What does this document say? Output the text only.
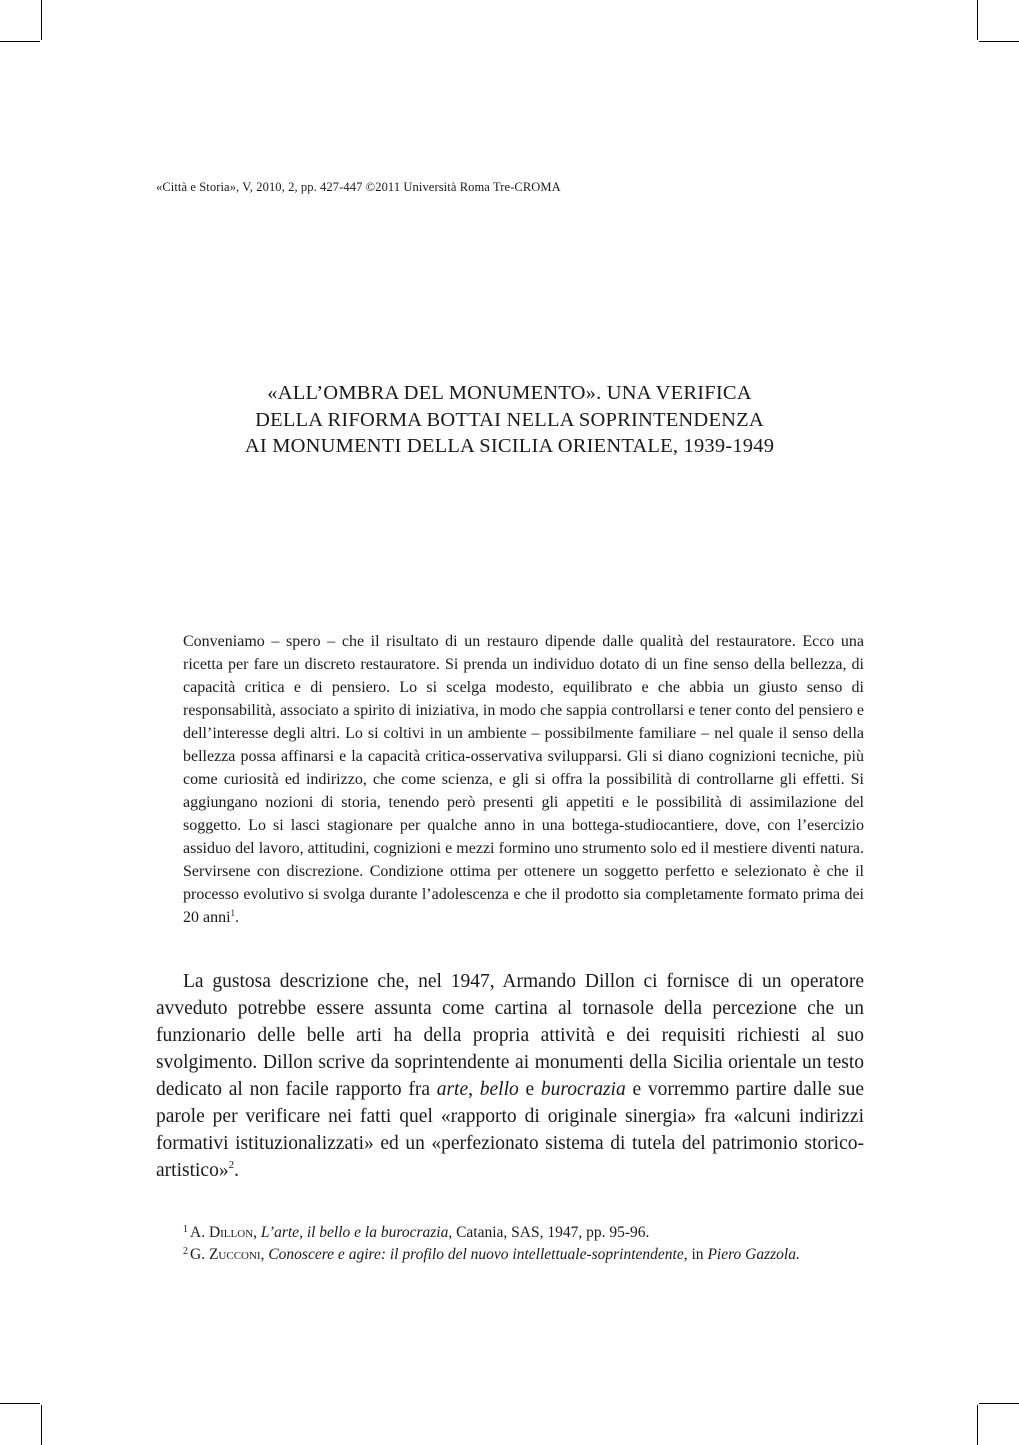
«Città e Storia», V, 2010, 2, pp. 427-447 ©2011 Università Roma Tre-CROMA
«ALL’OMBRA DEL MONUMENTO». UNA VERIFICA
DELLA RIFORMA BOTTAI NELLA SOPRINTENDENZA
AI MONUMENTI DELLA SICILIA ORIENTALE, 1939-1949
Conveniamo – spero – che il risultato di un restauro dipende dalle qualità del restauratore. Ecco una ricetta per fare un discreto restauratore. Si prenda un individuo dotato di un fine senso della bellezza, di capacità critica e di pensiero. Lo si scelga modesto, equilibrato e che abbia un giusto senso di responsabilità, associato a spirito di iniziativa, in modo che sappia controllarsi e tener conto del pensiero e dell’interesse degli altri. Lo si coltivi in un ambiente – possibilmente familiare – nel quale il senso della bellezza possa affinarsi e la capacità critica-osservativa svilupparsi. Gli si diano cognizioni tecniche, più come curiosità ed indirizzo, che come scienza, e gli si offra la possibilità di controllarne gli effetti. Si aggiungano nozioni di storia, tenendo però presenti gli appetiti e le possibilità di assimilazione del soggetto. Lo si lasci stagionare per qualche anno in una bottega-studiocantiere, dove, con l’esercizio assiduo del lavoro, attitudini, cognizioni e mezzi formino uno strumento solo ed il mestiere diventi natura. Servirsene con discrezione. Condizione ottima per ottenere un soggetto perfetto e selezionato è che il processo evolutivo si svolga durante l’adolescenza e che il prodotto sia completamente formato prima dei 20 anni$^1$.
La gustosa descrizione che, nel 1947, Armando Dillon ci fornisce di un operatore avveduto potrebbe essere assunta come cartina al tornasole della percezione che un funzionario delle belle arti ha della propria attività e dei requisiti richiesti al suo svolgimento. Dillon scrive da soprintendente ai monumenti della Sicilia orientale un testo dedicato al non facile rapporto fra arte, bello e burocrazia e vorremmo partire dalle sue parole per verificare nei fatti quel «rapporto di originale sinergia» fra «alcuni indirizzi formativi istituzionalizzati» ed un «perfezionato sistema di tutela del patrimonio storico-artistico»$^2$.
$^1$ A. Dillon, L’arte, il bello e la burocrazia, Catania, SAS, 1947, pp. 95-96.
$^2$ G. Zucconi, Conoscere e agire: il profilo del nuovo intellettuale-soprintendente, in Piero Gazzola.
